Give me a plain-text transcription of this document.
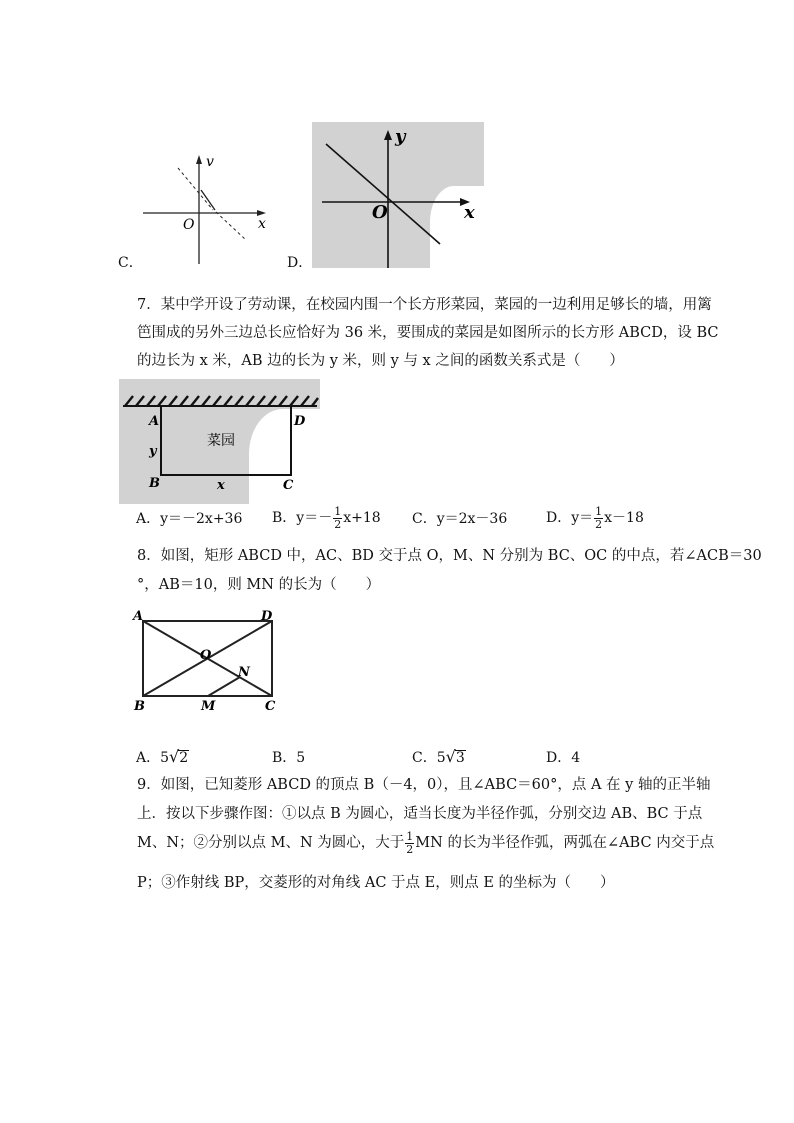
v
x
O
C．
y
x
O
D．
7．某中学开设了劳动课，在校园内围一个长方形菜园，菜园的一边利用足够长的墙，用篱
笆围成的另外三边总长应恰好为 36 米，要围成的菜园是如图所示的长方形 ABCD，设 BC
的边长为 x 米，AB 边的长为 y 米，则 y 与 x 之间的函数关系式是（　　）
A	D
B	C
y
x
菜园
A．y＝－2x+36 B．$y=- \frac{1}{2} x+18$ C．y＝2x－36	D．$y= \frac{1}{2} x-18$
8．如图，矩形 ABCD 中，AC、BD 交于点 O，M、N 分别为 BC、OC 的中点，若∠ACB＝30
°，AB＝10，则 MN 的长为（　　）
A	D
B	C
O
N
M
A．5√2	B．5	C．5√3	D．4
9．如图，已知菱形 ABCD 的顶点 B（－4，0），且∠ABC＝60°，点 A 在 y 轴的正半轴
上．按以下步骤作图：①以点 B 为圆心，适当长度为半径作弧，分别交边 AB、BC 于点
M、N；②分别以点 M、N 为圆心，大于 $\frac{1}{2}$ MN 的长为半径作弧，两弧在∠ABC 内交于点
P；③作射线 BP，交菱形的对角线 AC 于点 E，则点 E 的坐标为（　　）
